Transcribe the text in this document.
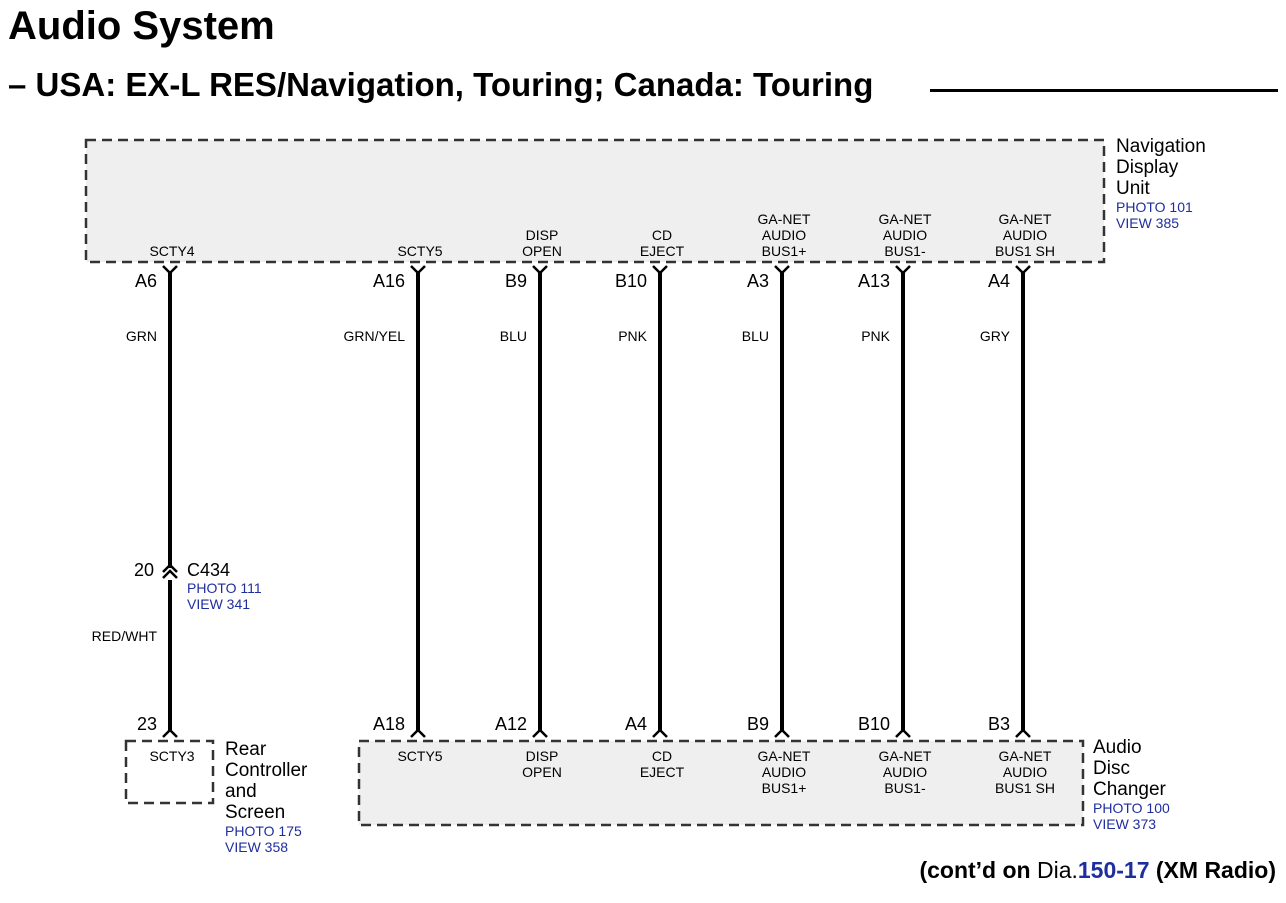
Audio System
– USA: EX-L RES/Navigation, Touring; Canada: Touring
Navigation Display Unit
PHOTO 101
VIEW 385
Rear Controller and Screen
PHOTO 175
VIEW 358
Audio Disc Changer
PHOTO 100
VIEW 373
20 C434
PHOTO 111
VIEW 341
RED/WHT
A6
23
GRN
SCTY4
SCTY3
A16
A18
GRN/YEL
SCTY5
SCTY5
B9
A12
BLU
DISP
OPEN
DISP
OPEN
B10
A4
PNK
CD
EJECT
CD
EJECT
A3
B9
BLU
GA-NET
AUDIO
BUS1+
GA-NET
AUDIO
BUS1+
A13
B10
PNK
GA-NET
AUDIO
BUS1-
GA-NET
AUDIO
BUS1-
A4
B3
GRY
GA-NET
AUDIO
BUS1 SH
GA-NET
AUDIO
BUS1 SH
(cont’d on Dia.150-17 (XM Radio)
